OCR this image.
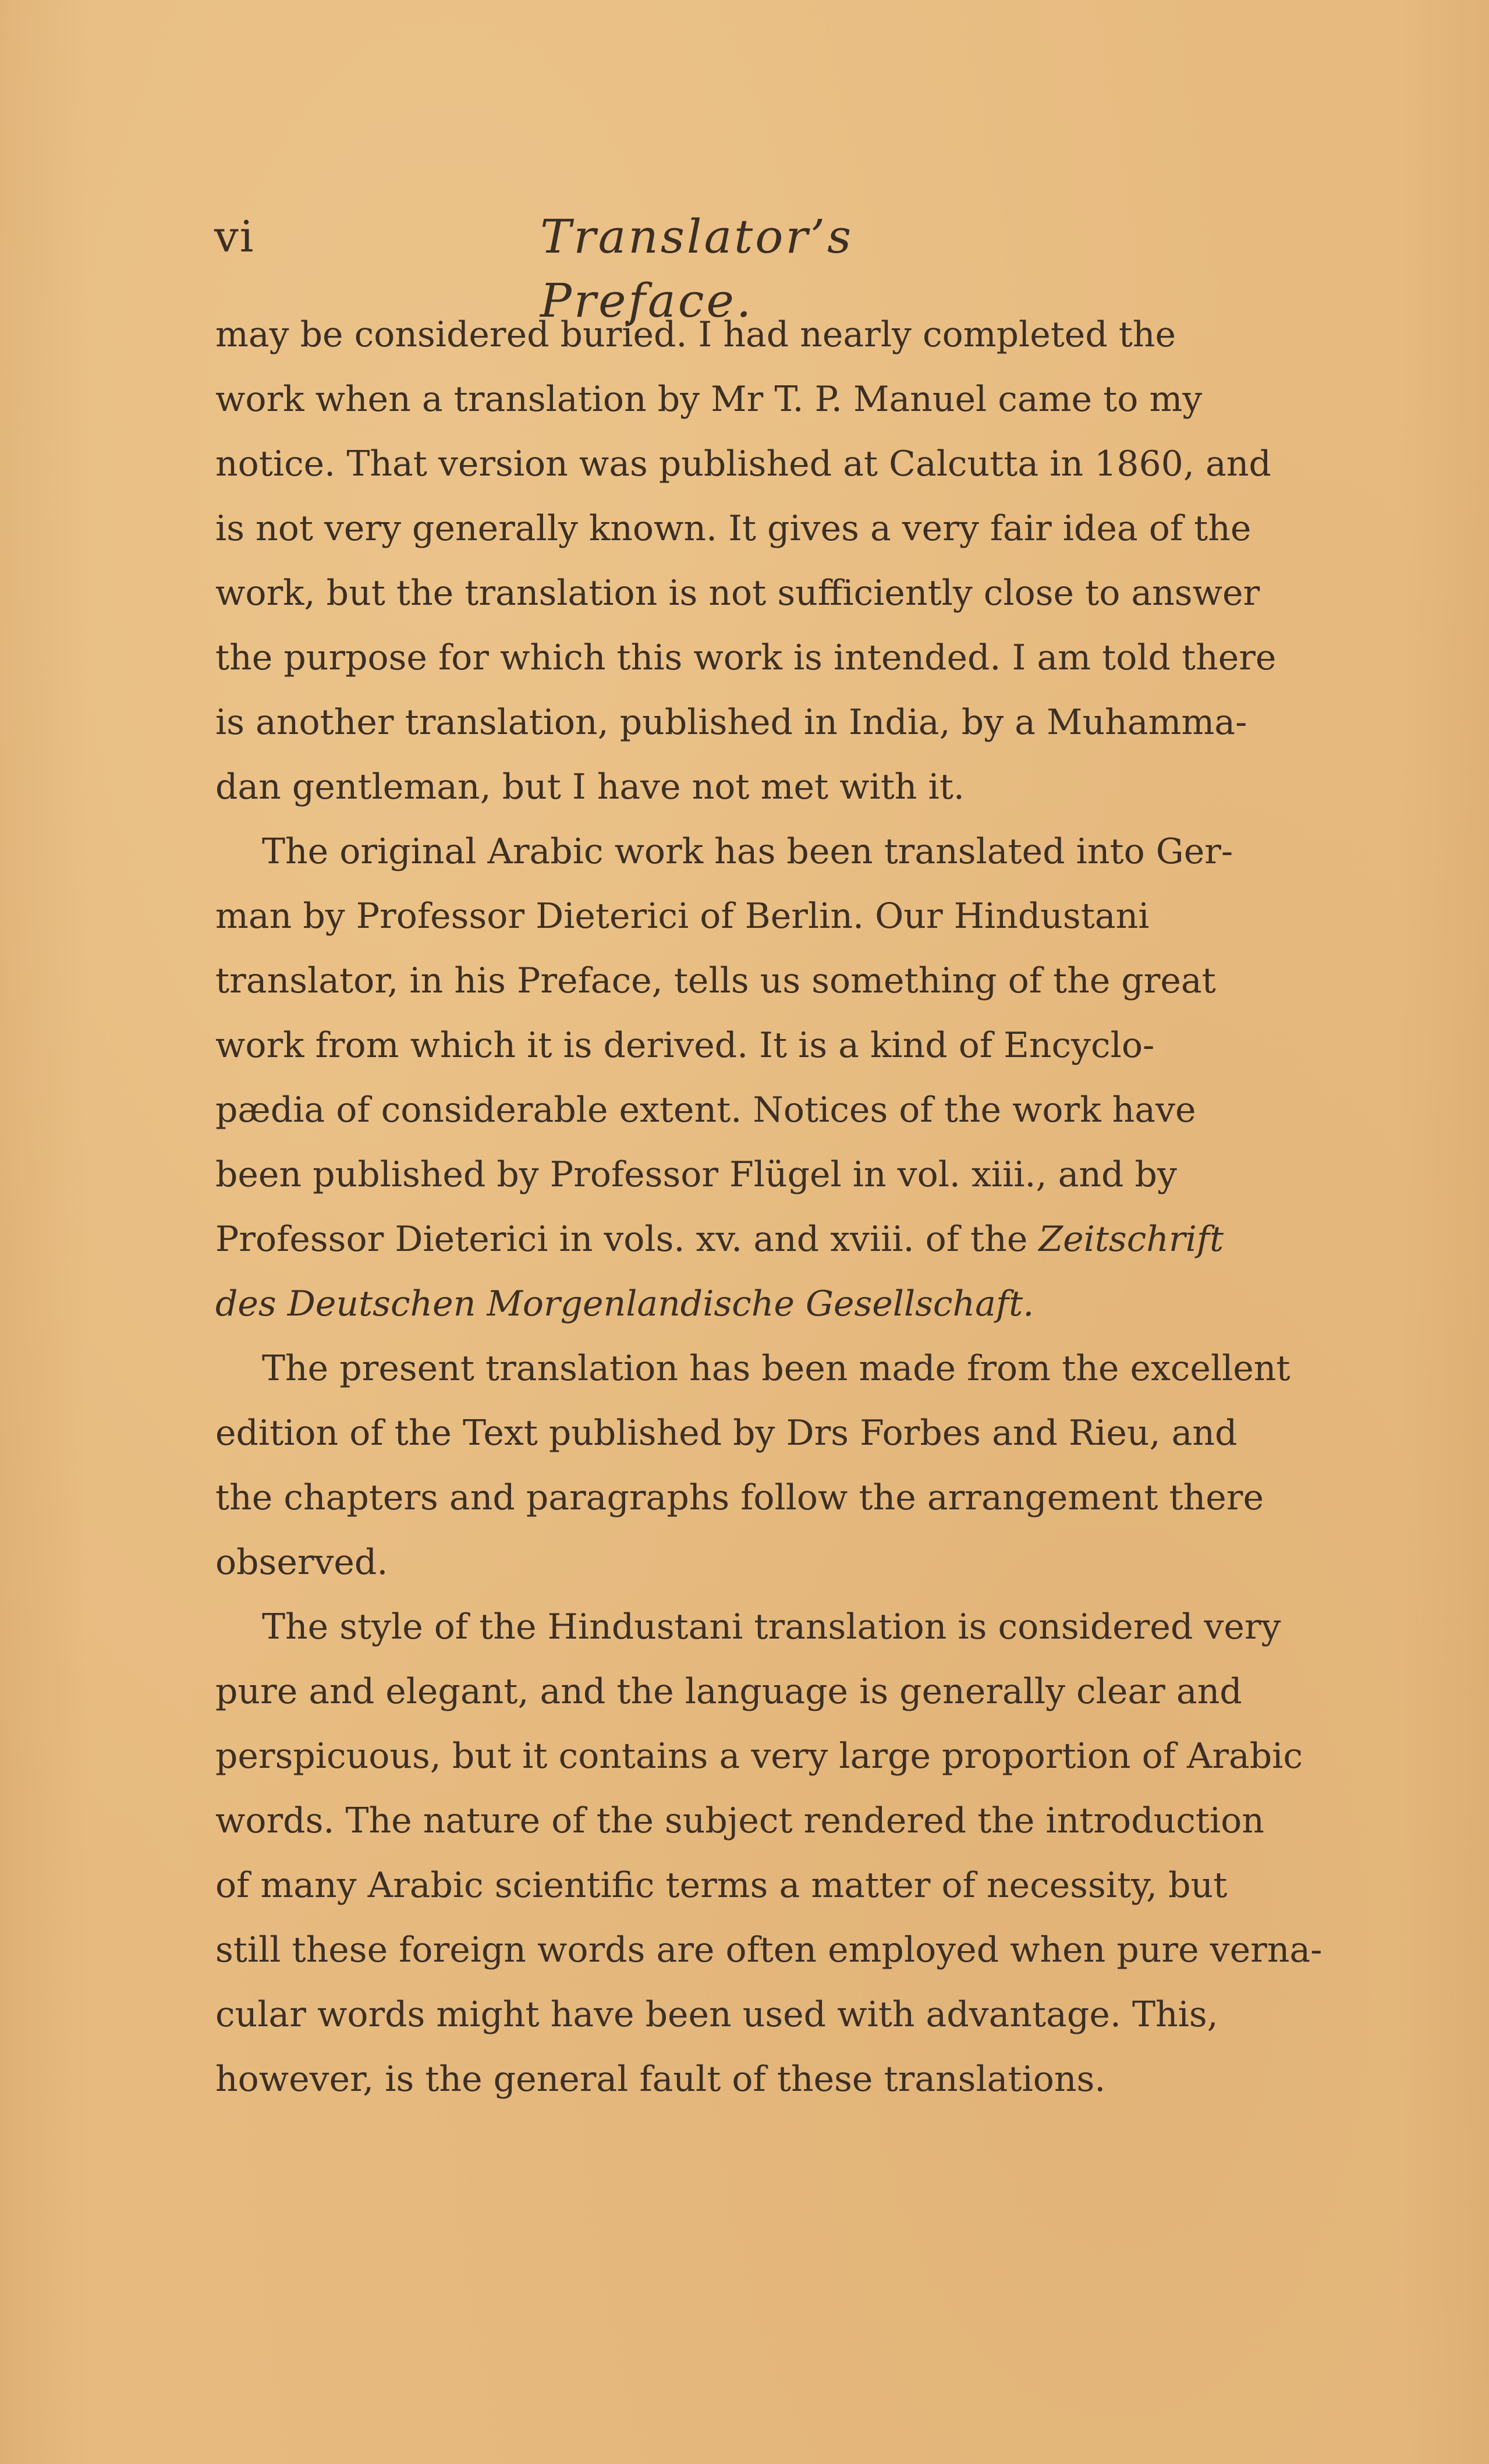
vi	Translator’s Preface.
may be considered buried. I had nearly completed the
work when a translation by Mr T. P. Manuel came to my
notice. That version was published at Calcutta in 1860, and
is not very generally known. It gives a very fair idea of the
work, but the translation is not sufficiently close to answer
the purpose for which this work is intended. I am told there
is another translation, published in India, by a Muhamma-
dan gentleman, but I have not met with it.
The original Arabic work has been translated into Ger-
man by Professor Dieterici of Berlin. Our Hindustani
translator, in his Preface, tells us something of the great
work from which it is derived. It is a kind of Encyclo-
pædia of considerable extent. Notices of the work have
been published by Professor Flügel in vol. xiii., and by
Professor Dieterici in vols. xv. and xviii. of the Zeitschrift
des Deutschen Morgenlandische Gesellschaft.
The present translation has been made from the excellent
edition of the Text published by Drs Forbes and Rieu, and
the chapters and paragraphs follow the arrangement there
observed.
The style of the Hindustani translation is considered very
pure and elegant, and the language is generally clear and
perspicuous, but it contains a very large proportion of Arabic
words. The nature of the subject rendered the introduction
of many Arabic scientific terms a matter of necessity, but
still these foreign words are often employed when pure verna-
cular words might have been used with advantage. This,
however, is the general fault of these translations.
